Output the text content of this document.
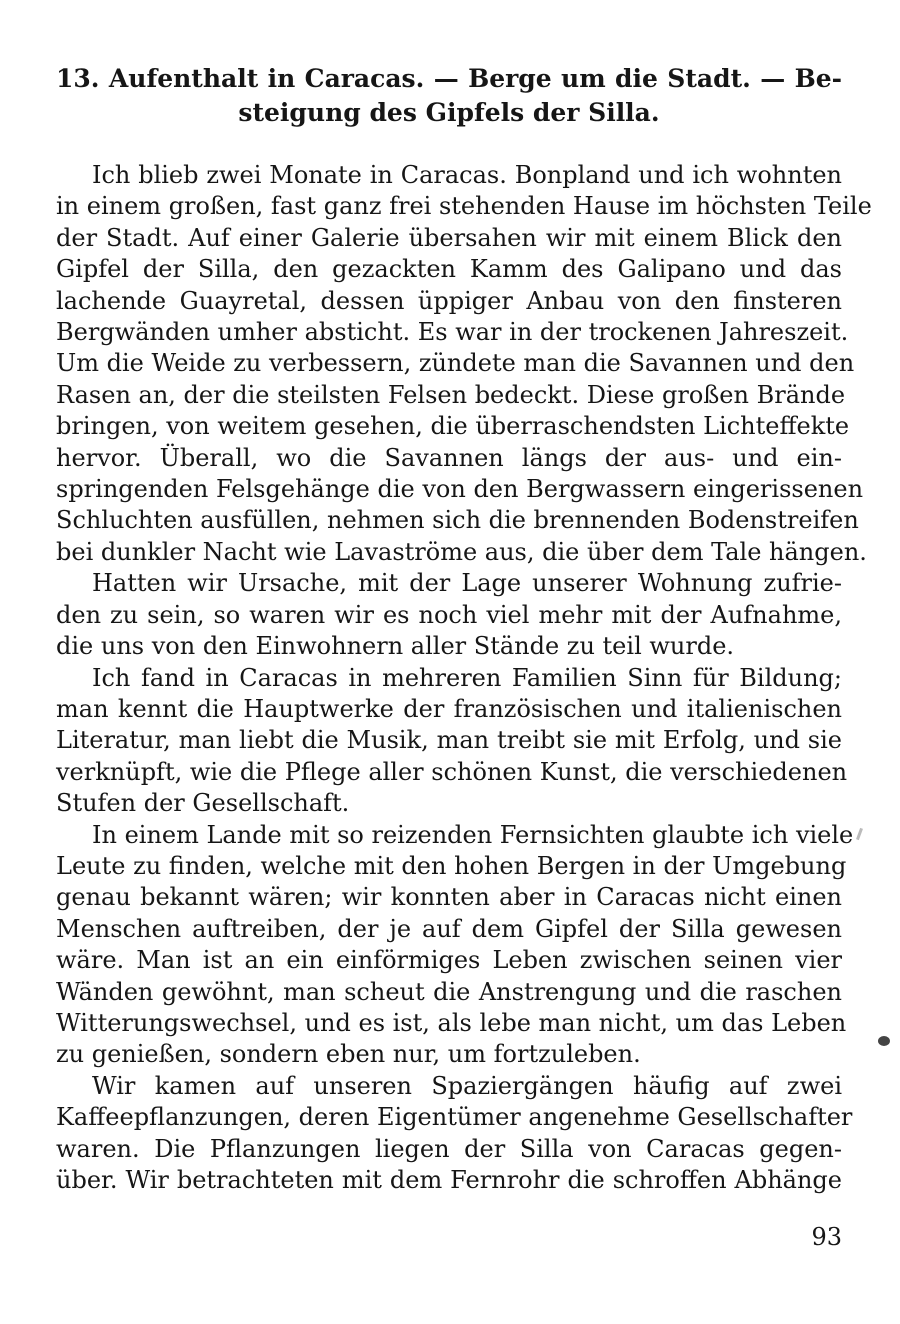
13. Aufenthalt in Caracas. — Berge um die Stadt. — Be-
steigung des Gipfels der Silla.
Ich blieb zwei Monate in Caracas. Bonpland und ich wohnten
in einem großen, fast ganz frei stehenden Hause im höchsten Teile
der Stadt. Auf einer Galerie übersahen wir mit einem Blick den
Gipfel der Silla, den gezackten Kamm des Galipano und das
lachende Guayretal, dessen üppiger Anbau von den finsteren
Bergwänden umher absticht. Es war in der trockenen Jahreszeit.
Um die Weide zu verbessern, zündete man die Savannen und den
Rasen an, der die steilsten Felsen bedeckt. Diese großen Brände
bringen, von weitem gesehen, die überraschendsten Lichteffekte
hervor. Überall, wo die Savannen längs der aus- und ein-
springenden Felsgehänge die von den Bergwassern eingerissenen
Schluchten ausfüllen, nehmen sich die brennenden Bodenstreifen
bei dunkler Nacht wie Lavaströme aus, die über dem Tale hängen.
Hatten wir Ursache, mit der Lage unserer Wohnung zufrie-
den zu sein, so waren wir es noch viel mehr mit der Aufnahme,
die uns von den Einwohnern aller Stände zu teil wurde.
Ich fand in Caracas in mehreren Familien Sinn für Bildung;
man kennt die Hauptwerke der französischen und italienischen
Literatur, man liebt die Musik, man treibt sie mit Erfolg, und sie
verknüpft, wie die Pflege aller schönen Kunst, die verschiedenen
Stufen der Gesellschaft.
In einem Lande mit so reizenden Fernsichten glaubte ich viele
Leute zu finden, welche mit den hohen Bergen in der Umgebung
genau bekannt wären; wir konnten aber in Caracas nicht einen
Menschen auftreiben, der je auf dem Gipfel der Silla gewesen
wäre. Man ist an ein einförmiges Leben zwischen seinen vier
Wänden gewöhnt, man scheut die Anstrengung und die raschen
Witterungswechsel, und es ist, als lebe man nicht, um das Leben
zu genießen, sondern eben nur, um fortzuleben.
Wir kamen auf unseren Spaziergängen häufig auf zwei
Kaffeepflanzungen, deren Eigentümer angenehme Gesellschafter
waren. Die Pflanzungen liegen der Silla von Caracas gegen-
über. Wir betrachteten mit dem Fernrohr die schroffen Abhänge
93
